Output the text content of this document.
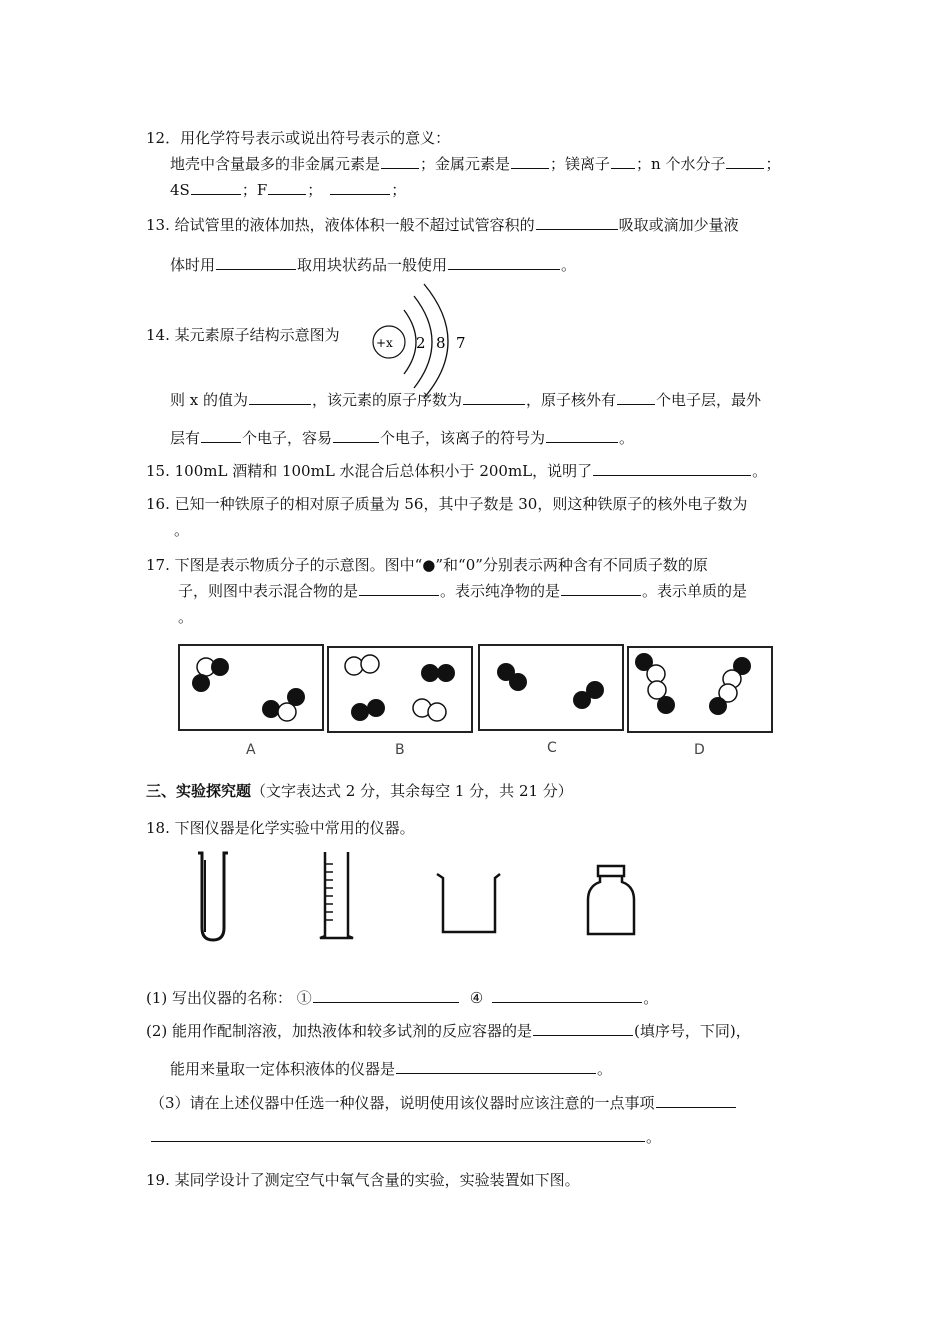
12．用化学符号表示或说出符号表示的意义：
地壳中含量最多的非金属元素是	；金属元素是	；镁离子 ；n 个水分子	；
4S	；F	；	；
13. 给试管里的液体加热，液体体积一般不超过试管容积的	吸取或滴加少量液
体时用	取用块状药品一般使用	。
14. 某元素原子结构示意图为	+x 2 8 7
则 x 的值为	，该元素的原子序数为	，原子核外有	个电子层，最外
层有	个电子，容易	个电子，该离子的符号为	。
15. 100mL 酒精和 100mL 水混合后总体积小于 200mL，说明了	。
16. 已知一种铁原子的相对原子质量为 56，其中子数是 30，则这种铁原子的核外电子数为
。
17. 下图是表示物质分子的示意图。图中“●”和“0”分别表示两种含有不同质子数的原
子，则图中表示混合物的是	。表示纯净物的是	。表示单质的是
。
A	B	C	D
三、实验探究题（文字表达式 2 分，其余每空 1 分，共 21 分）
18. 下图仪器是化学实验中常用的仪器。
(1) 写出仪器的名称： ①	④	。
(2) 能用作配制溶液，加热液体和较多试剂的反应容器的是	(填序号，下同)，
能用来量取一定体积液体的仪器是	。
（3）请在上述仪器中任选一种仪器，说明使用该仪器时应该注意的一点事项
。
19. 某同学设计了测定空气中氧气含量的实验，实验装置如下图。
